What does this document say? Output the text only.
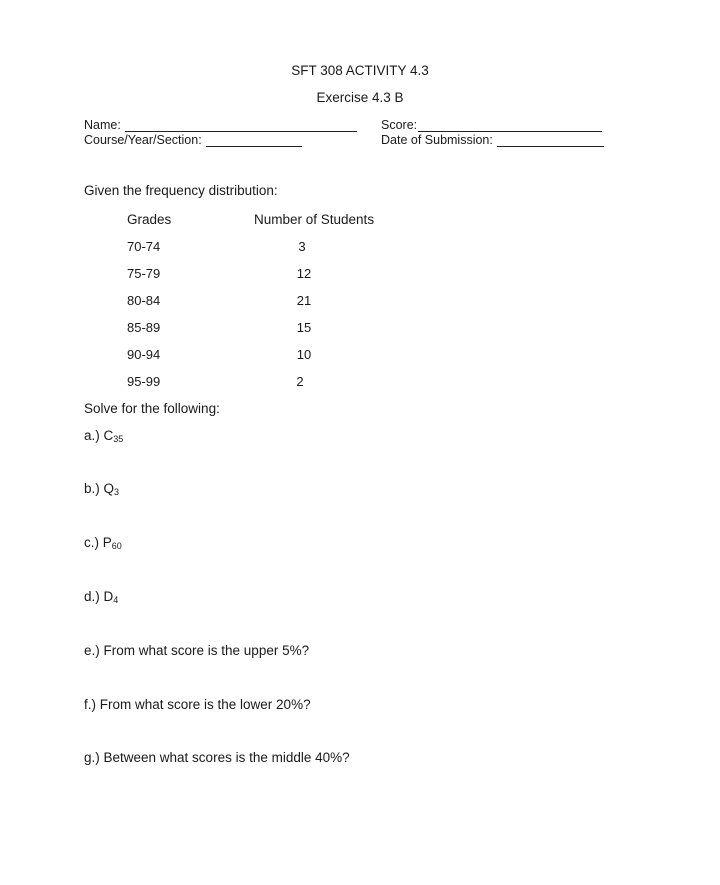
SFT 308 ACTIVITY 4.3
Exercise 4.3 B
Name:
Course/Year/Section:
Score:
Date of Submission:
Given the frequency distribution:
Grades	Number of Students
70-74	3
75-79	12
80-84	21
85-89	15
90-94	10
95-99	2
Solve for the following:
a.) $C_{35}$
b.) $Q_3$
c.) $P_{60}$
d.) $D_4$
e.) From what score is the upper 5%?
f.) From what score is the lower 20%?
g.) Between what scores is the middle 40%?
